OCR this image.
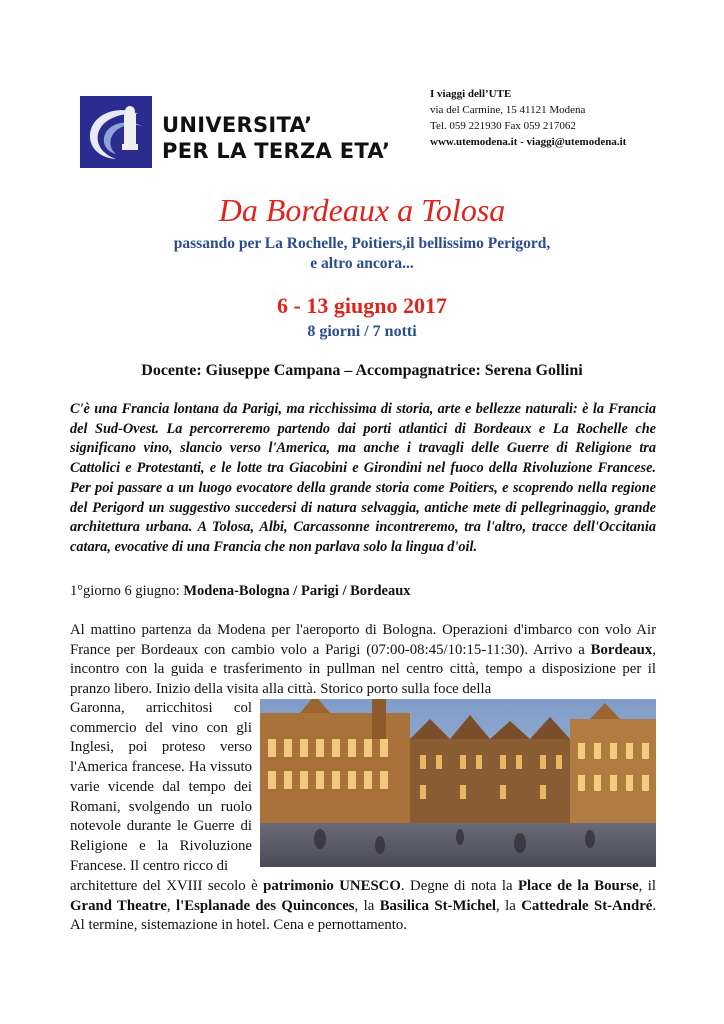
UNIVERSITA’
PER LA TERZA ETA’
I viaggi dell’UTE
via del Carmine, 15 41121 Modena
Tel. 059 221930 Fax 059 217062
www.utemodena.it - viaggi@utemodena.it
Da Bordeaux a Tolosa
passando per La Rochelle, Poitiers,il bellissimo Perigord,
e altro ancora...
6 - 13 giugno 2017
8 giorni / 7 notti
Docente: Giuseppe Campana – Accompagnatrice: Serena Gollini
C'è una Francia lontana da Parigi, ma ricchissima di storia, arte e bellezze naturali: è la Francia del Sud-Ovest. La percorreremo partendo dai porti atlantici di Bordeaux e La Rochelle che significano vino, slancio verso l'America, ma anche i travagli delle Guerre di Religione tra Cattolici e Protestanti, e le lotte tra Giacobini e Girondini nel fuoco della Rivoluzione Francese. Per poi passare a un luogo evocatore della grande storia come Poitiers, e scoprendo nella regione del Perigord un suggestivo succedersi di natura selvaggia, antiche mete di pellegrinaggio, grande architettura urbana. A Tolosa, Albi, Carcassonne incontreremo, tra l'altro, tracce dell'Occitania catara, evocative di una Francia che non parlava solo la lingua d'oil.
1°giorno 6 giugno: Modena-Bologna / Parigi / Bordeaux
Al mattino partenza da Modena per l'aeroporto di Bologna. Operazioni d'imbarco con volo Air France per Bordeaux con cambio volo a Parigi (07:00-08:45/10:15-11:30). Arrivo a Bordeaux, incontro con la guida e trasferimento in pullman nel centro città, tempo a disposizione per il pranzo libero. Inizio della visita alla città. Storico porto sulla foce della
Garonna, arricchitosi col commercio del vino con gli Inglesi, poi proteso verso l'America francese. Ha vissuto varie vicende dal tempo dei Romani, svolgendo un ruolo notevole durante le Guerre di Religione e la Rivoluzione Francese. Il centro ricco di
architetture del XVIII secolo è patrimonio UNESCO. Degne di nota la Place de la Bourse, il Grand Theatre, l'Esplanade des Quinconces, la Basilica St-Michel, la Cattedrale St-André. Al termine, sistemazione in hotel. Cena e pernottamento.
